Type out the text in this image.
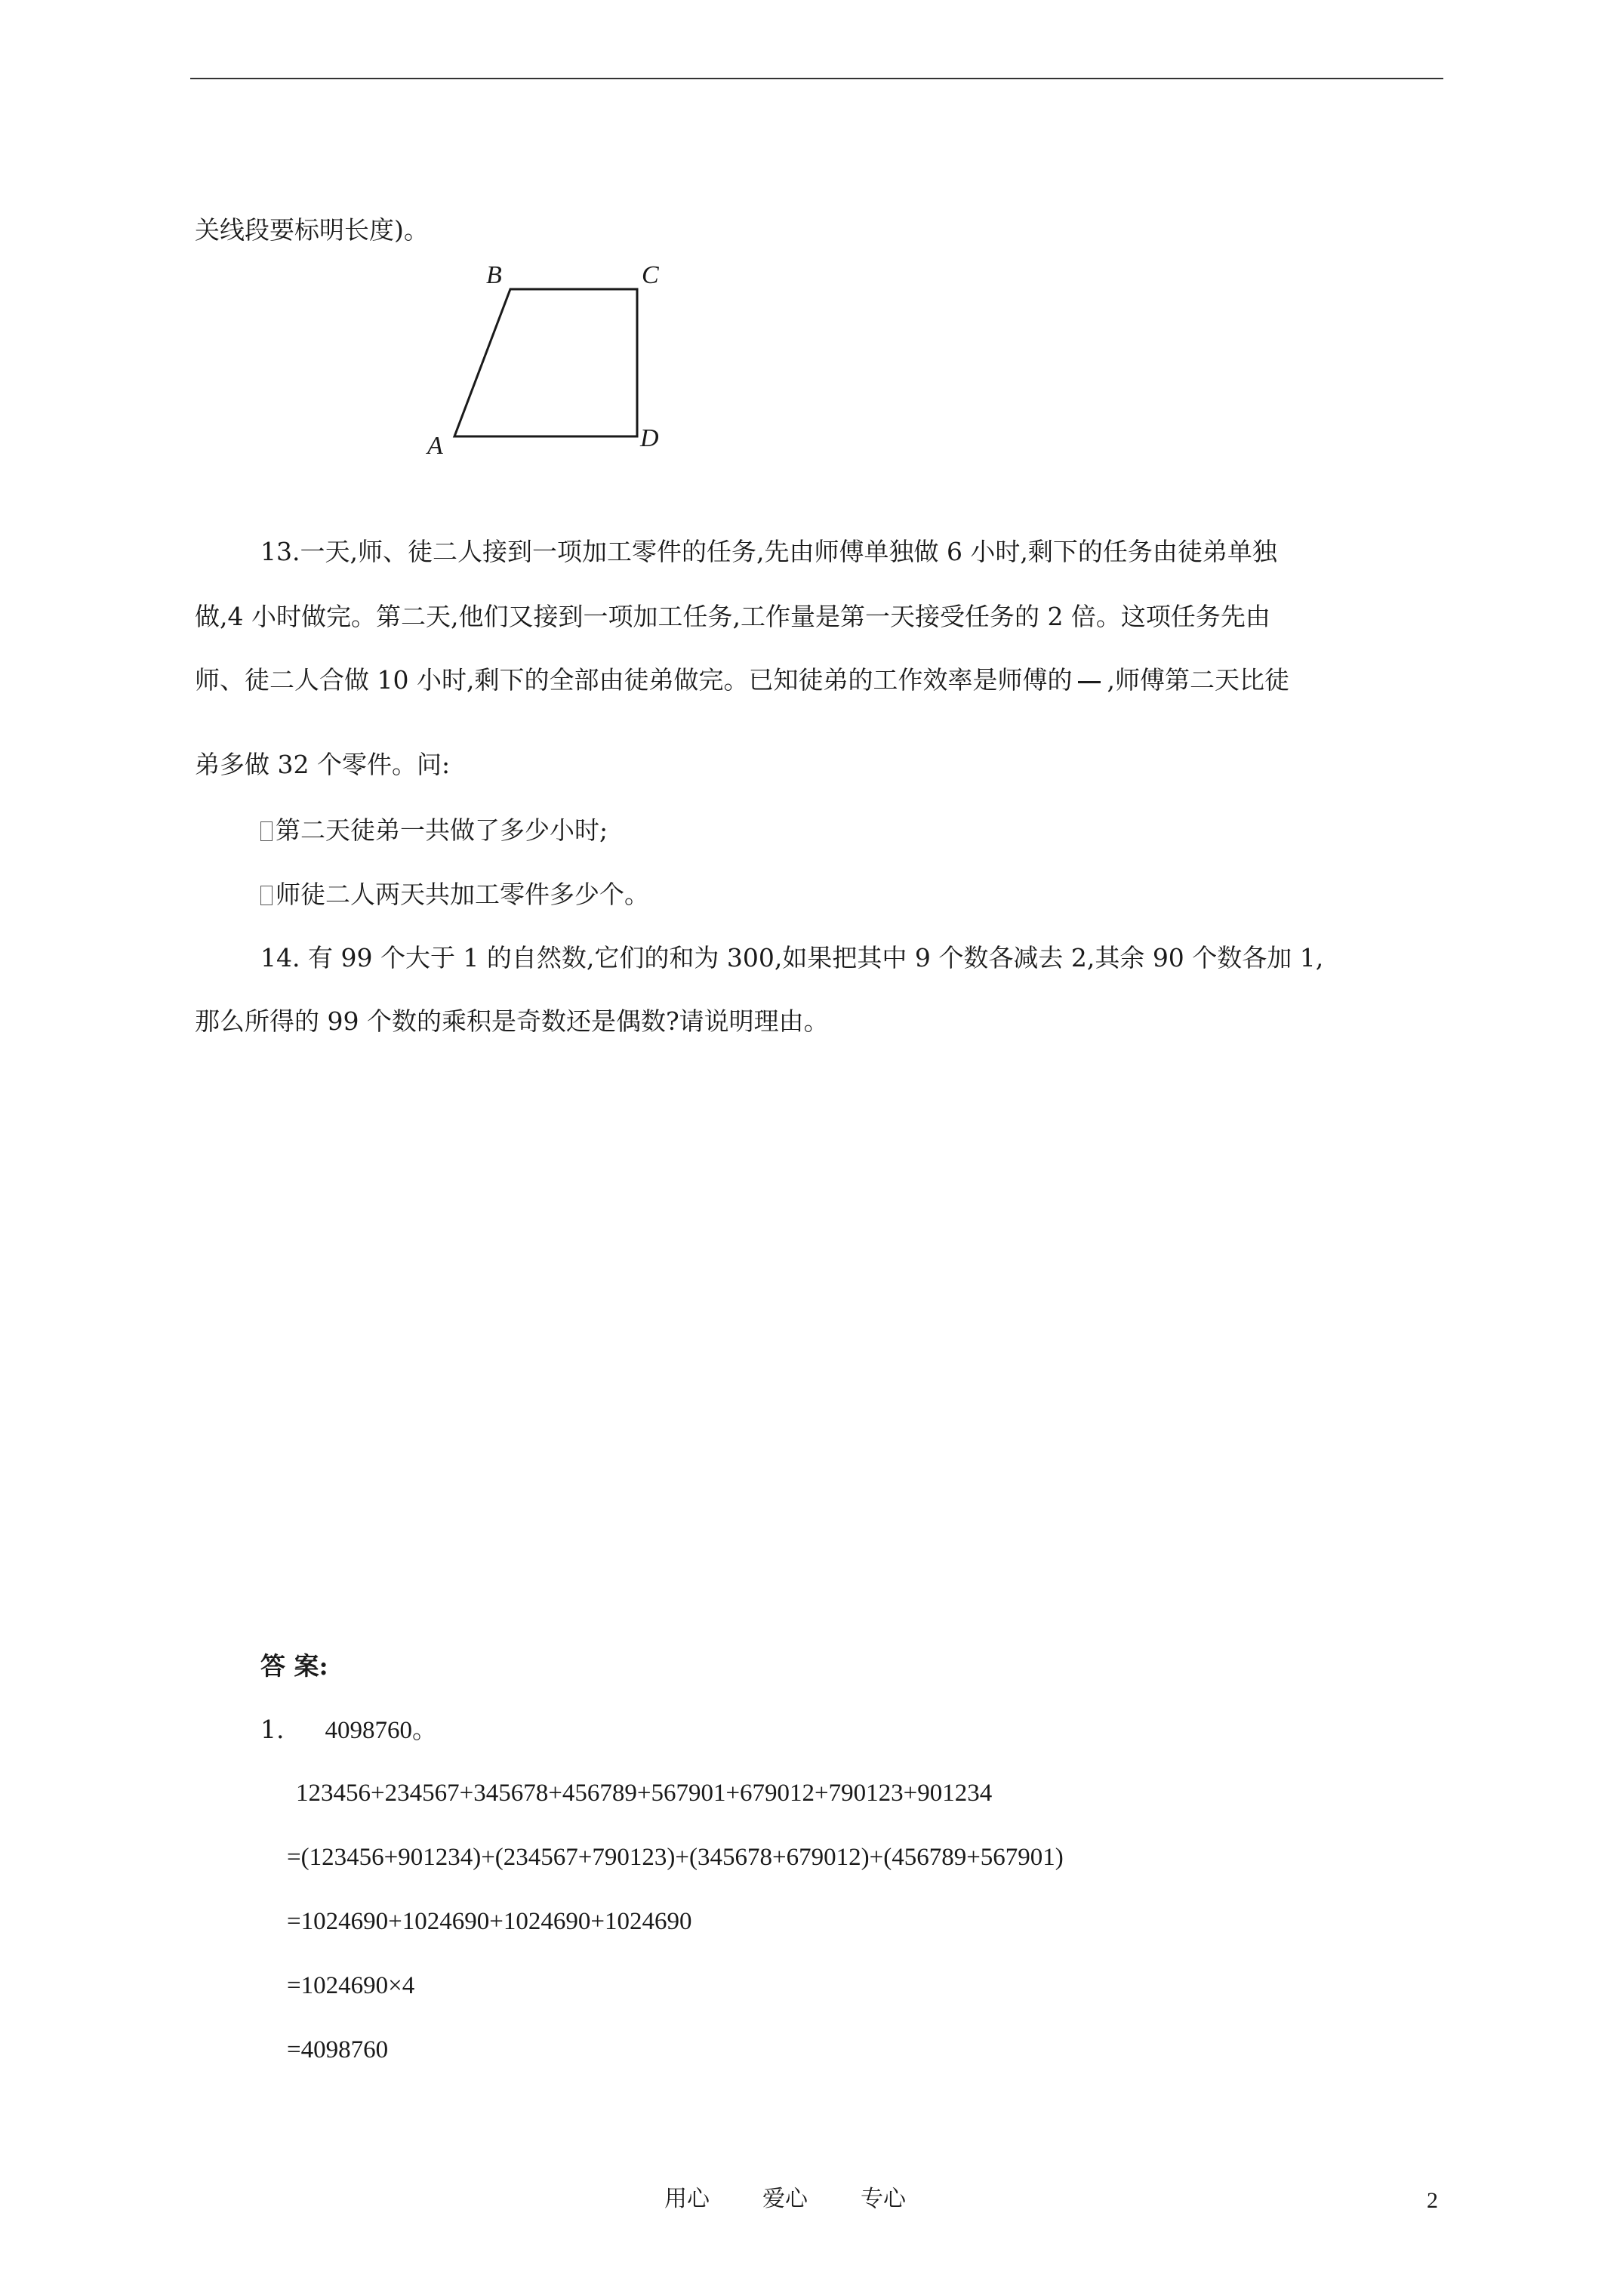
关线段要标明长度)。
B	C
A	D
13.一天,师、徒二人接到一项加工零件的任务,先由师傅单独做 6 小时,剩下的任务由徒弟单独
做,4 小时做完。第二天,他们又接到一项加工任务,工作量是第一天接受任务的 2 倍。这项任务先由
师、徒二人合做 10 小时,剩下的全部由徒弟做完。已知徒弟的工作效率是师傅的 ,师傅第二天比徒
弟多做 32 个零件。问:
第二天徒弟一共做了多少小时;
师徒二人两天共加工零件多少个。
14. 有 99 个大于 1 的自然数,它们的和为 300,如果把其中 9 个数各减去 2,其余 90 个数各加 1,
那么所得的 99 个数的乘积是奇数还是偶数?请说明理由。
答 案:
1. 4098760。
123456+234567+345678+456789+567901+679012+790123+901234
=(123456+901234)+(234567+790123)+(345678+679012)+(456789+567901)
=1024690+1024690+1024690+1024690
=1024690×4
=4098760
用心 爱心 专心	2
